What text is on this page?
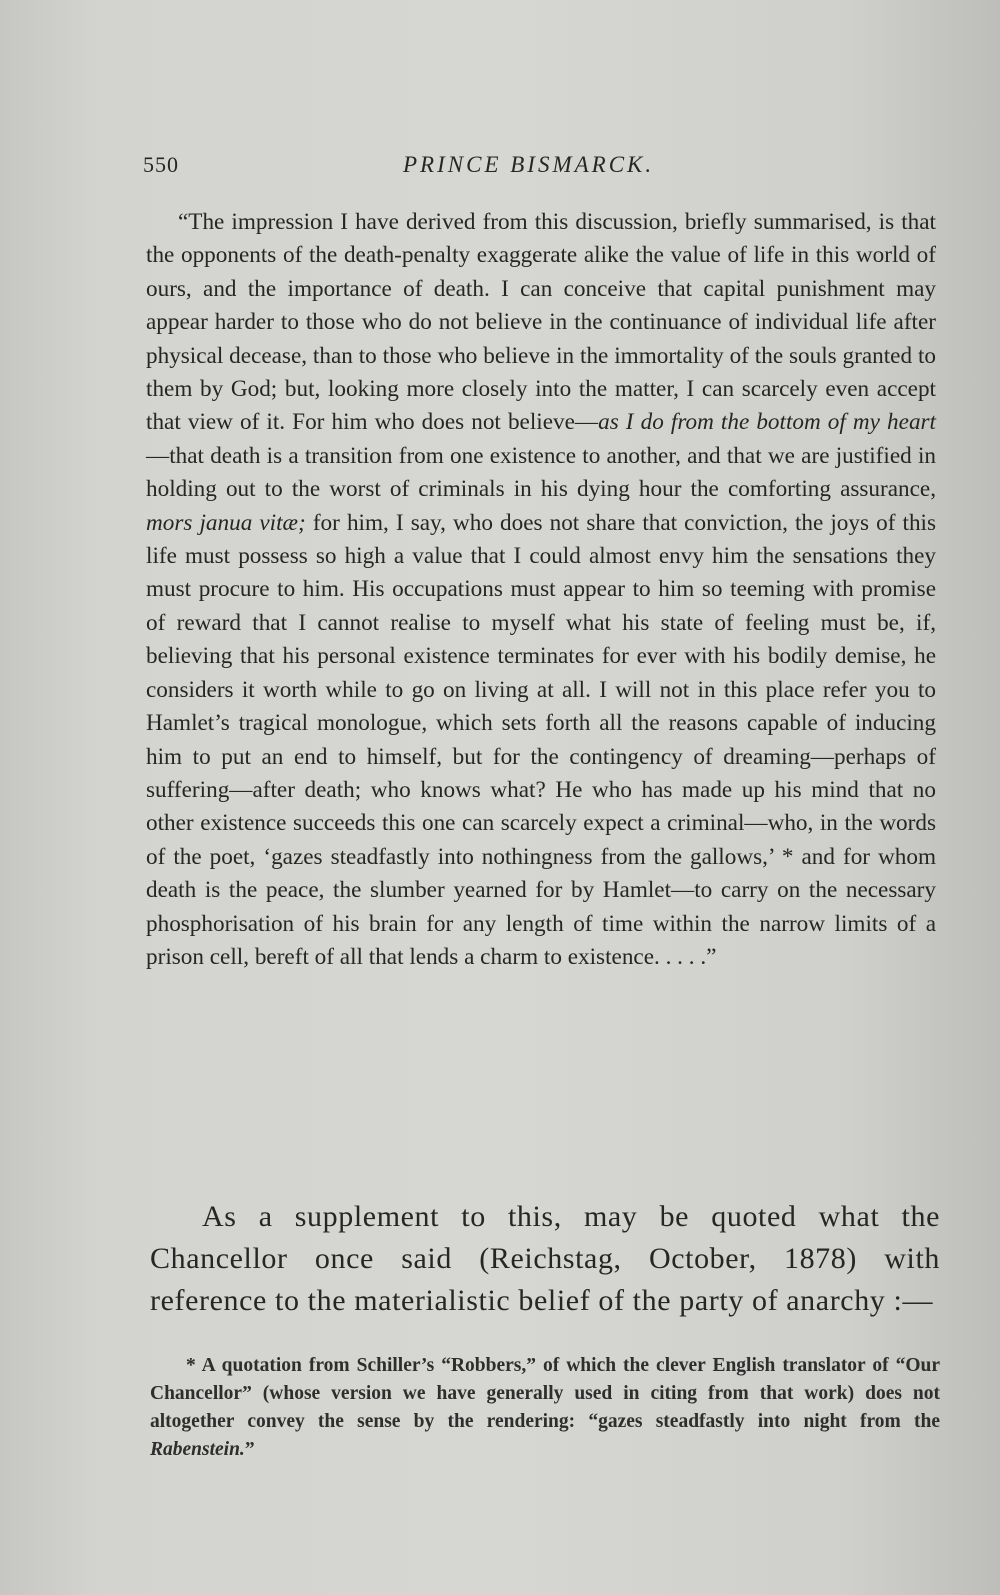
550	PRINCE BISMARCK.

“The impression I have derived from this discussion, briefly summarised, is that the opponents of the death-penalty exaggerate alike the value of life in this world of ours, and the importance of death. I can conceive that capital punishment may appear harder to those who do not believe in the continuance of individual life after physical decease, than to those who believe in the immortality of the souls granted to them by God; but, looking more closely into the matter, I can scarcely even accept that view of it. For him who does not believe—as I do from the bottom of my heart—that death is a transition from one existence to another, and that we are justified in holding out to the worst of criminals in his dying hour the comforting assurance, mors janua vitæ; for him, I say, who does not share that conviction, the joys of this life must possess so high a value that I could almost envy him the sensations they must procure to him. His occupations must appear to him so teeming with promise of reward that I cannot realise to myself what his state of feeling must be, if, believing that his personal existence terminates for ever with his bodily demise, he considers it worth while to go on living at all. I will not in this place refer you to Hamlet’s tragical monologue, which sets forth all the reasons capable of inducing him to put an end to himself, but for the contingency of dreaming—perhaps of suffering—after death; who knows what? He who has made up his mind that no other existence succeeds this one can scarcely expect a criminal—who, in the words of the poet, ‘gazes steadfastly into nothingness from the gallows,’ * and for whom death is the peace, the slumber yearned for by Hamlet—to carry on the necessary phosphorisation of his brain for any length of time within the narrow limits of a prison cell, bereft of all that lends a charm to existence. . . . .”

As a supplement to this, may be quoted what the Chancellor once said (Reichstag, October, 1878) with reference to the materialistic belief of the party of anarchy :—

* A quotation from Schiller’s “Robbers,” of which the clever English translator of “Our Chancellor” (whose version we have generally used in citing from that work) does not altogether convey the sense by the rendering: “gazes steadfastly into night from the Rabenstein.”
